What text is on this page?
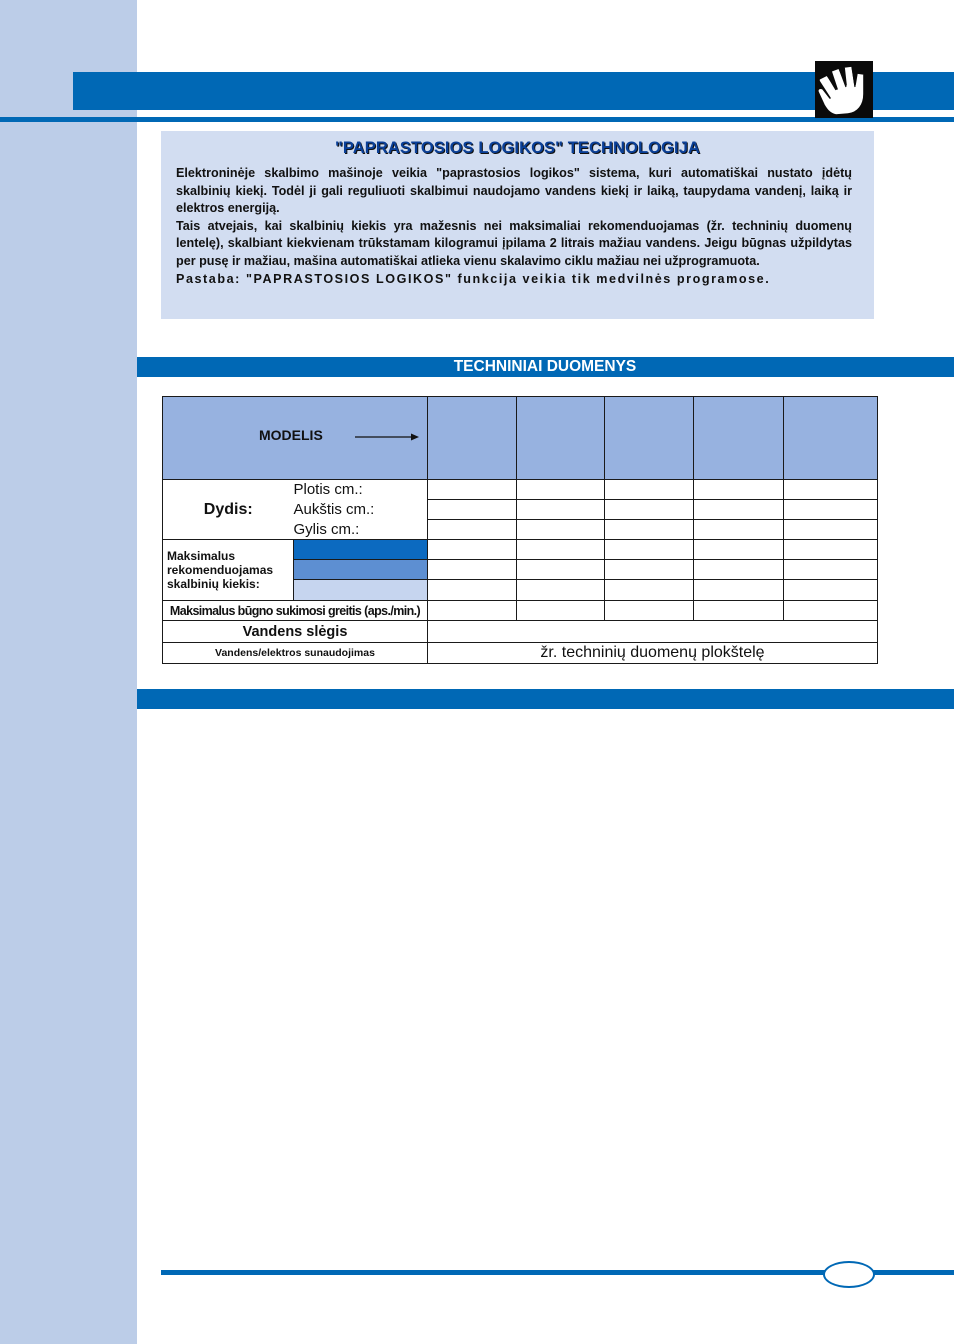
"PAPRASTOSIOS LOGIKOS" TECHNOLOGIJA

Elektroninėje skalbimo mašinoje veikia "paprastosios logikos" sistema, kuri automatiškai nustato įdėtų skalbinių kiekį. Todėl ji gali reguliuoti skalbimui naudojamo vandens kiekį ir laiką, taupydama vandenį, laiką ir elektros energiją.

Tais atvejais, kai skalbinių kiekis yra mažesnis nei maksimaliai rekomenduojamas (žr. techninių duomenų lentelę), skalbiant kiekvienam trūkstamam kilogramui įpilama 2 litrais mažiau vandens. Jeigu būgnas užpildytas per pusę ir mažiau, mašina automatiškai atlieka vienu skalavimo ciklu mažiau nei užprogramuota.

Pastaba: "PAPRASTOSIOS LOGIKOS" funkcija veikia tik medvilnės programose.

TECHNINIAI DUOMENYS
MODELIS						

Dydis:	Plotis cm.:					
	Aukštis cm.:					
	Gylis cm.:					
Maksimalus rekomenduojamas skalbinių kiekis:						

Maksimalus būgno sukimosi greitis (aps./min.)						
Vandens slėgis						
Vandens/elektros sunaudojimas		žr. techninių duomenų plokštelę				
